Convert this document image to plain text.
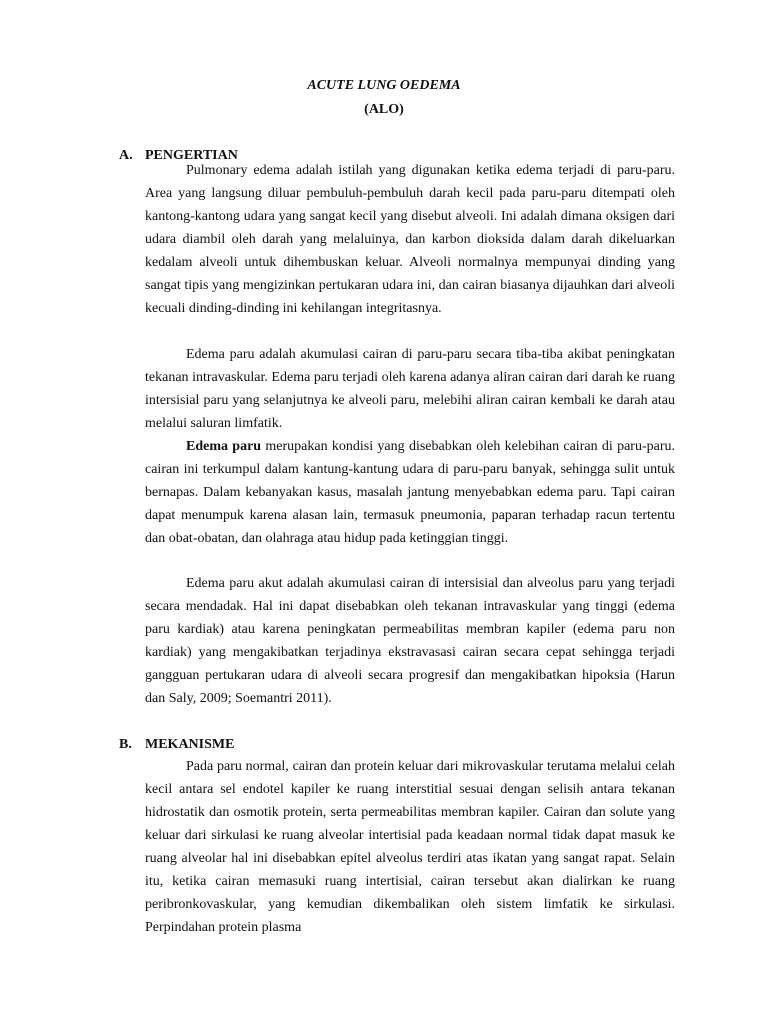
ACUTE LUNG OEDEMA
(ALO)
A. PENGERTIAN

Pulmonary edema adalah istilah yang digunakan ketika edema terjadi di paru-paru. Area yang langsung diluar pembuluh-pembuluh darah kecil pada paru-paru ditempati oleh kantong-kantong udara yang sangat kecil yang disebut alveoli. Ini adalah dimana oksigen dari udara diambil oleh darah yang melaluinya, dan karbon dioksida dalam darah dikeluarkan kedalam alveoli untuk dihembuskan keluar. Alveoli normalnya mempunyai dinding yang sangat tipis yang mengizinkan pertukaran udara ini, dan cairan biasanya dijauhkan dari alveoli kecuali dinding-dinding ini kehilangan integritasnya.

Edema paru adalah akumulasi cairan di paru-paru secara tiba-tiba akibat peningkatan tekanan intravaskular. Edema paru terjadi oleh karena adanya aliran cairan dari darah ke ruang intersisial paru yang selanjutnya ke alveoli paru, melebihi aliran cairan kembali ke darah atau melalui saluran limfatik.

Edema paru merupakan kondisi yang disebabkan oleh kelebihan cairan di paru-paru. cairan ini terkumpul dalam kantung-kantung udara di paru-paru banyak, sehingga sulit untuk bernapas. Dalam kebanyakan kasus, masalah jantung menyebabkan edema paru. Tapi cairan dapat menumpuk karena alasan lain, termasuk pneumonia, paparan terhadap racun tertentu dan obat-obatan, dan olahraga atau hidup pada ketinggian tinggi.

Edema paru akut adalah akumulasi cairan di intersisial dan alveolus paru yang terjadi secara mendadak. Hal ini dapat disebabkan oleh tekanan intravaskular yang tinggi (edema paru kardiak) atau karena peningkatan permeabilitas membran kapiler (edema paru non kardiak) yang mengakibatkan terjadinya ekstravasasi cairan secara cepat sehingga terjadi gangguan pertukaran udara di alveoli secara progresif dan mengakibatkan hipoksia (Harun dan Saly, 2009; Soemantri 2011).

B. MEKANISME

Pada paru normal, cairan dan protein keluar dari mikrovaskular terutama melalui celah kecil antara sel endotel kapiler ke ruang interstitial sesuai dengan selisih antara tekanan hidrostatik dan osmotik protein, serta permeabilitas membran kapiler. Cairan dan solute yang keluar dari sirkulasi ke ruang alveolar intertisial pada keadaan normal tidak dapat masuk ke ruang alveolar hal ini disebabkan epitel alveolus terdiri atas ikatan yang sangat rapat. Selain itu, ketika cairan memasuki ruang intertisial, cairan tersebut akan dialirkan ke ruang peribronkovaskular, yang kemudian dikembalikan oleh sistem limfatik ke sirkulasi. Perpindahan protein plasma
